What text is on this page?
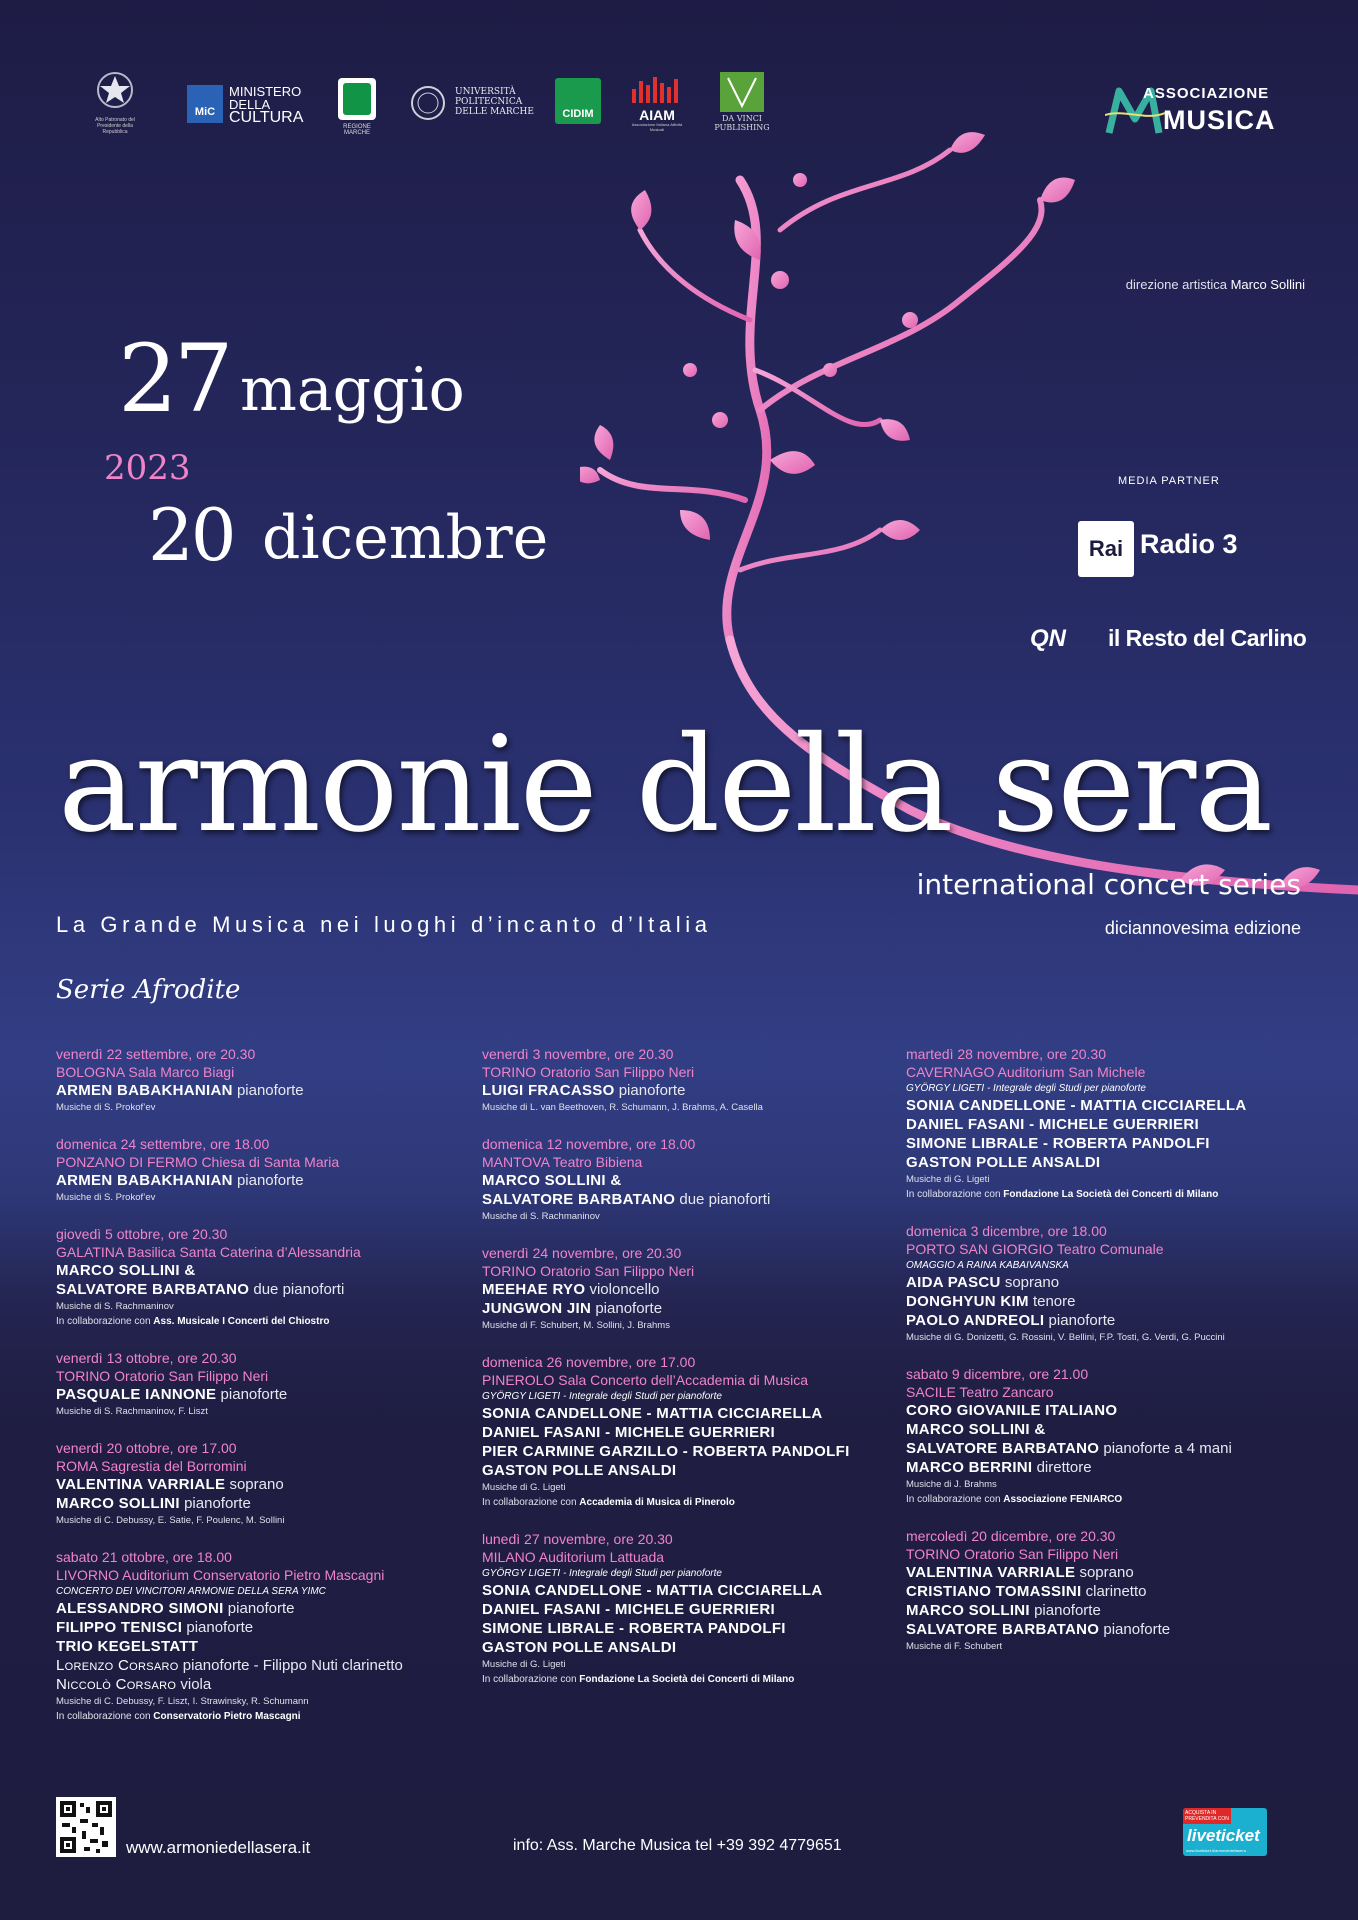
Alto Patronato del Presidente della Repubblica
MiC
MINISTERO
DELLA
CULTURA
REGIONE MARCHE
UNIVERSITÀ
POLITECNICA
DELLE MARCHE	CIDIM	AIAM
Associazione Italiana Attività Musicali
DA VINCI
PUBLISHING
ASSOCIAZIONE
MUSICA
direzione artistica Marco Sollini
27 maggio
2023
20 dicembre
MEDIA PARTNER
Rai Radio 3
QN il Resto del Carlino
armonie della sera
international concert series
La Grande Musica nei luoghi d’incanto d’Italia	diciannovesima edizione
Serie Afrodite
venerdì 22 settembre, ore 20.30
BOLOGNA Sala Marco Biagi
ARMEN BABAKHANIAN pianoforte
Musiche di S. Prokof’ev
domenica 24 settembre, ore 18.00
PONZANO DI FERMO Chiesa di Santa Maria
ARMEN BABAKHANIAN pianoforte
Musiche di S. Prokof’ev
giovedì 5 ottobre, ore 20.30
GALATINA Basilica Santa Caterina d’Alessandria
MARCO SOLLINI &
SALVATORE BARBATANO due pianoforti
Musiche di S. Rachmaninov
In collaborazione con Ass. Musicale I Concerti del Chiostro
venerdì 13 ottobre, ore 20.30
TORINO Oratorio San Filippo Neri
PASQUALE IANNONE pianoforte
Musiche di S. Rachmaninov, F. Liszt
venerdì 20 ottobre, ore 17.00
ROMA Sagrestia del Borromini
VALENTINA VARRIALE soprano
MARCO SOLLINI pianoforte
Musiche di C. Debussy, E. Satie, F. Poulenc, M. Sollini
sabato 21 ottobre, ore 18.00
LIVORNO Auditorium Conservatorio Pietro Mascagni
CONCERTO DEI VINCITORI ARMONIE DELLA SERA YIMC
ALESSANDRO SIMONI pianoforte
FILIPPO TENISCI pianoforte
TRIO KEGELSTATT
Lorenzo Corsaro pianoforte - Filippo Nuti clarinetto
Niccolò Corsaro viola
Musiche di C. Debussy, F. Liszt, I. Strawinsky, R. Schumann
In collaborazione con Conservatorio Pietro Mascagni
venerdì 3 novembre, ore 20.30
TORINO Oratorio San Filippo Neri
LUIGI FRACASSO pianoforte
Musiche di L. van Beethoven, R. Schumann, J. Brahms, A. Casella
domenica 12 novembre, ore 18.00
MANTOVA Teatro Bibiena
MARCO SOLLINI &
SALVATORE BARBATANO due pianoforti
Musiche di S. Rachmaninov
venerdì 24 novembre, ore 20.30
TORINO Oratorio San Filippo Neri
MEEHAE RYO violoncello
JUNGWON JIN pianoforte
Musiche di F. Schubert, M. Sollini, J. Brahms
domenica 26 novembre, ore 17.00
PINEROLO Sala Concerto dell’Accademia di Musica
GYÖRGY LIGETI - Integrale degli Studi per pianoforte
SONIA CANDELLONE - MATTIA CICCIARELLA
DANIEL FASANI - MICHELE GUERRIERI
PIER CARMINE GARZILLO - ROBERTA PANDOLFI
GASTON POLLE ANSALDI
Musiche di G. Ligeti
In collaborazione con Accademia di Musica di Pinerolo
lunedì 27 novembre, ore 20.30
MILANO Auditorium Lattuada
GYÖRGY LIGETI - Integrale degli Studi per pianoforte
SONIA CANDELLONE - MATTIA CICCIARELLA
DANIEL FASANI - MICHELE GUERRIERI
SIMONE LIBRALE - ROBERTA PANDOLFI
GASTON POLLE ANSALDI
Musiche di G. Ligeti
In collaborazione con Fondazione La Società dei Concerti di Milano
martedì 28 novembre, ore 20.30
CAVERNAGO Auditorium San Michele
GYÖRGY LIGETI - Integrale degli Studi per pianoforte
SONIA CANDELLONE - MATTIA CICCIARELLA
DANIEL FASANI - MICHELE GUERRIERI
SIMONE LIBRALE - ROBERTA PANDOLFI
GASTON POLLE ANSALDI
Musiche di G. Ligeti
In collaborazione con Fondazione La Società dei Concerti di Milano
domenica 3 dicembre, ore 18.00
PORTO SAN GIORGIO Teatro Comunale
OMAGGIO A RAINA KABAIVANSKA
AIDA PASCU soprano
DONGHYUN KIM tenore
PAOLO ANDREOLI pianoforte
Musiche di G. Donizetti, G. Rossini, V. Bellini, F.P. Tosti, G. Verdi, G. Puccini
sabato 9 dicembre, ore 21.00
SACILE Teatro Zancaro
CORO GIOVANILE ITALIANO
MARCO SOLLINI &
SALVATORE BARBATANO pianoforte a 4 mani
MARCO BERRINI direttore
Musiche di J. Brahms
In collaborazione con Associazione FENIARCO
mercoledì 20 dicembre, ore 20.30
TORINO Oratorio San Filippo Neri
VALENTINA VARRIALE soprano
CRISTIANO TOMASSINI clarinetto
MARCO SOLLINI pianoforte
SALVATORE BARBATANO pianoforte
Musiche di F. Schubert
www.armoniedellasera.it	info: Ass. Marche Musica tel +39 392 4779651
ACQUISTA IN PREVENDITA CON
liveticket
www.liveticket.it/armoniedellasera
